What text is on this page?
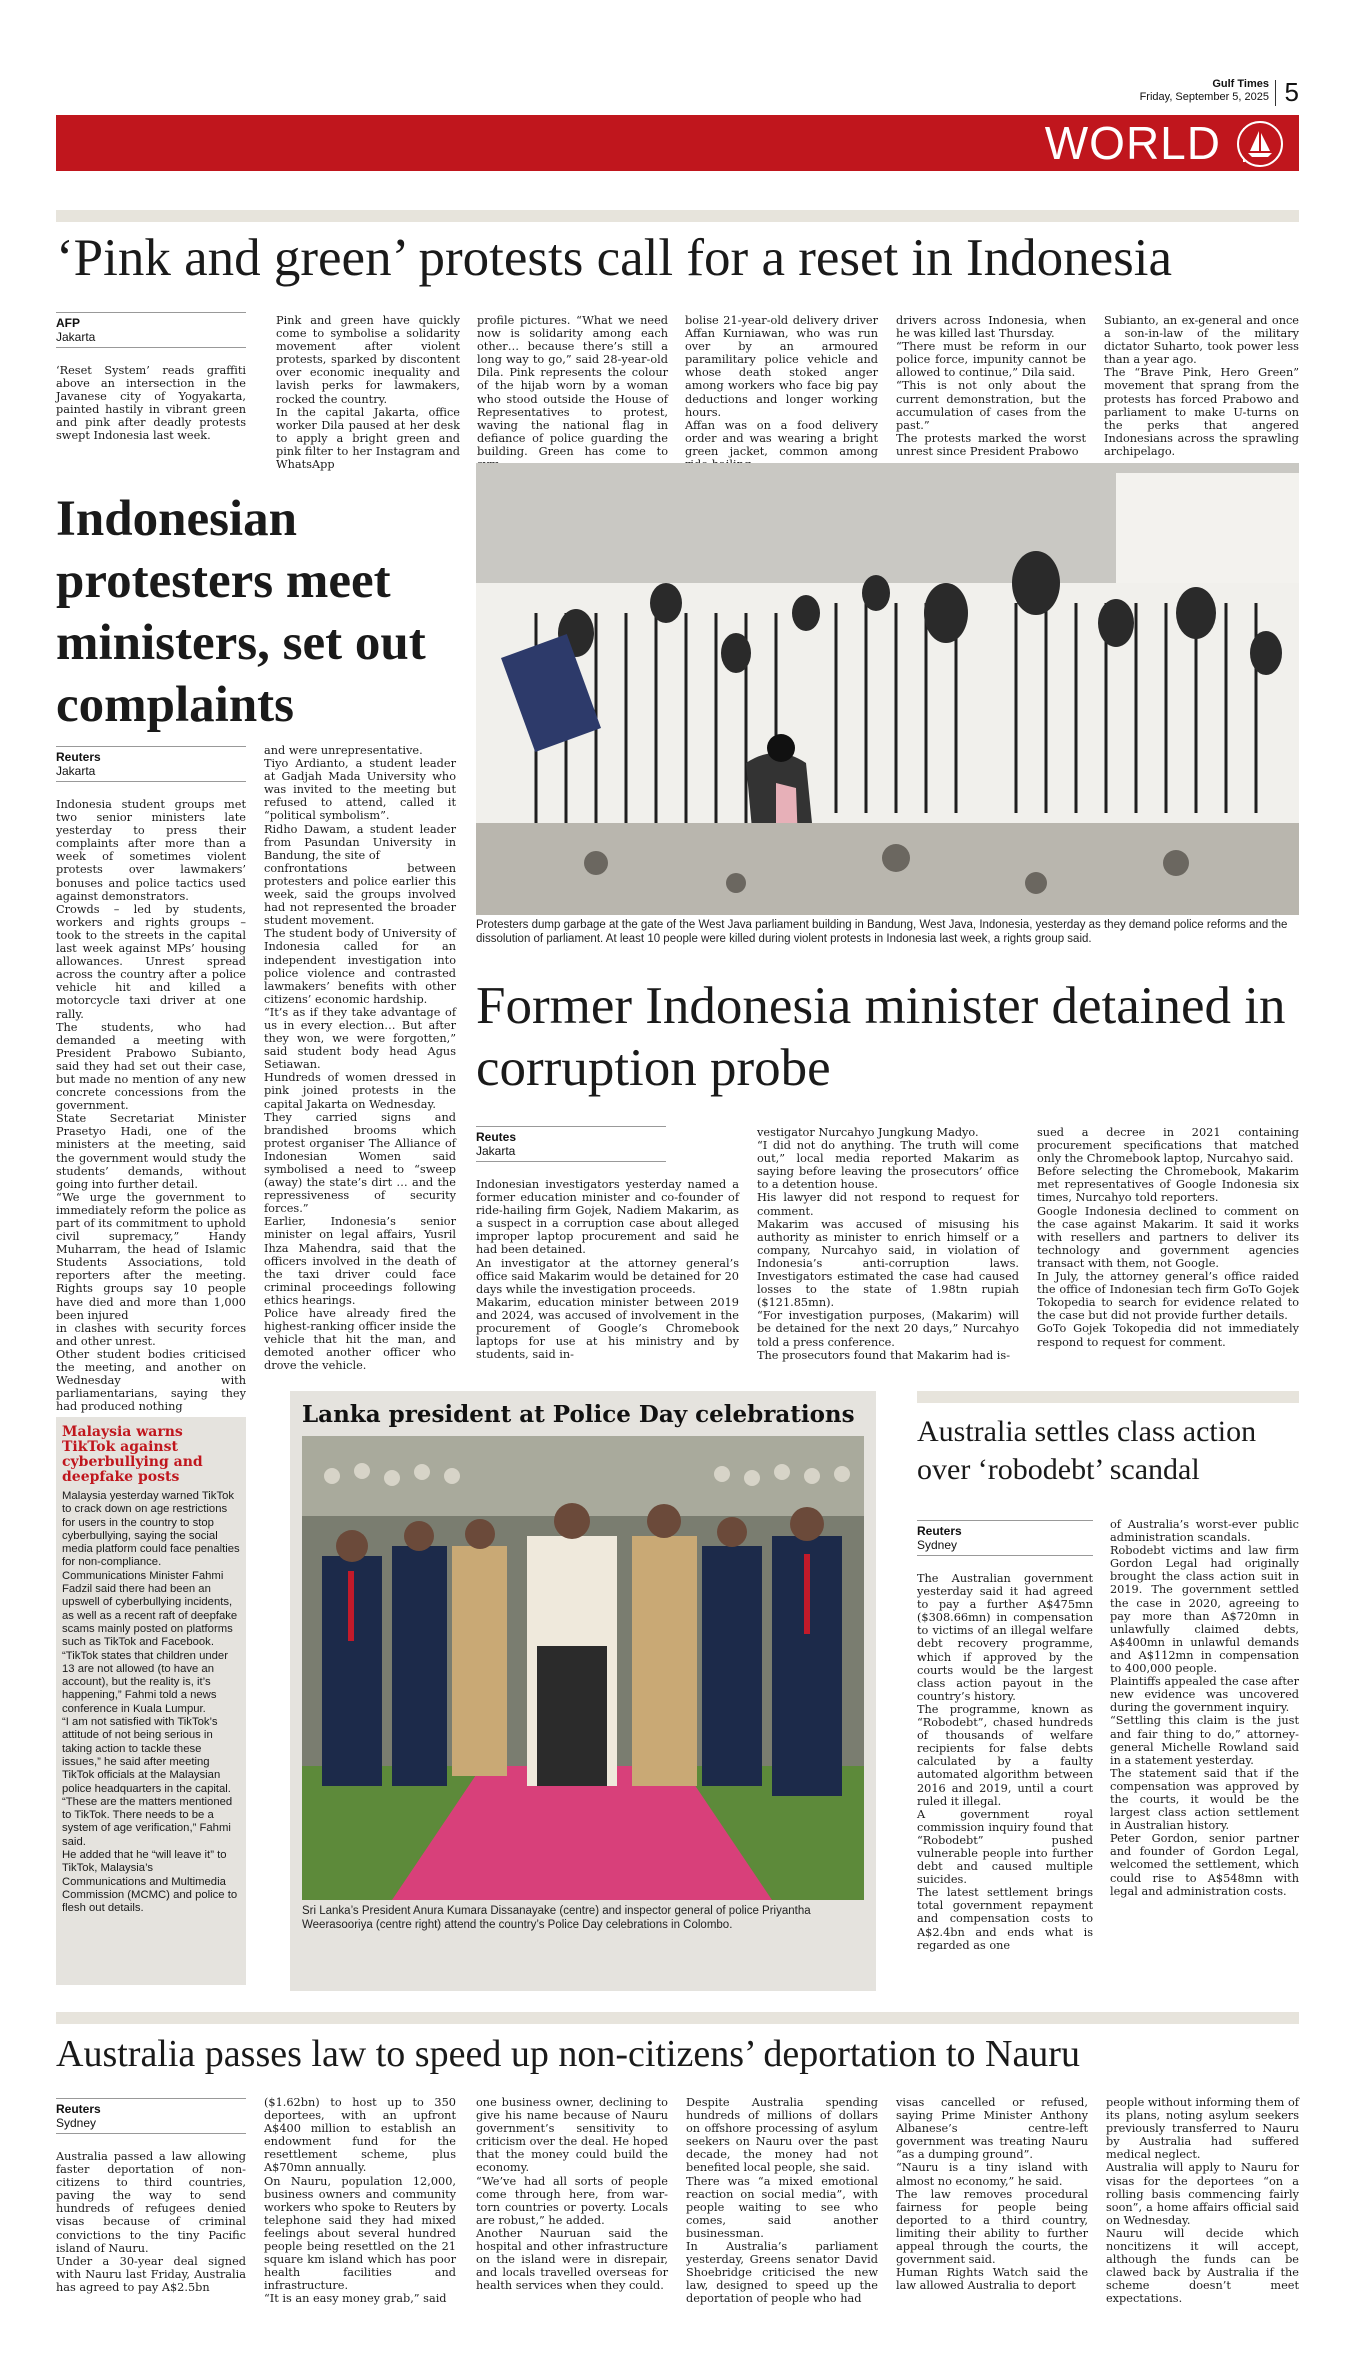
Gulf Times
Friday, September 5, 2025 5
WORLD
‘Pink and green’ protests call for a reset in Indonesia
AFP
Jakarta
‘Reset System’ reads graffiti above an intersection in the Javanese city of Yogyakarta, painted hastily in vibrant green and pink after deadly protests swept Indonesia last week.
Pink and green have quickly come to symbolise a solidarity movement after violent protests, sparked by discontent over economic inequality and lavish perks for lawmakers, rocked the country.
In the capital Jakarta, office worker Dila paused at her desk to apply a bright green and pink filter to her Instagram and WhatsApp
profile pictures. “What we need now is solidarity among each other… because there’s still a long way to go,” said 28-year-old Dila. Pink represents the colour of the hijab worn by a woman who stood outside the House of Representatives to protest, waving the national flag in defiance of police guarding the building. Green has come to
bolise 21-year-old delivery driver Affan Kurniawan, who was run over by an armoured paramilitary police vehicle and whose death stoked anger among workers who face big pay deductions and longer working hours.
Affan was on a food delivery order and was wearing a bright green jacket, common among
drivers across Indonesia, when he was killed last Thursday.
“There must be reform in our police force, impunity cannot be allowed to continue,” Dila said.
“This is not only about the current demonstration, but the accumulation of cases from the past.”
The protests marked the worst unrest since President Prabowo
Subianto, an ex-general and once a son-in-law of the military dictator Suharto, took power less than a year ago.
The “Brave Pink, Hero Green” movement that sprang from the protests has forced Prabowo and parliament to make U-turns on the perks that angered Indonesians across the sprawling archipelago.
Indonesian protesters meet ministers, set out complaints
Reuters
Jakarta
Indonesia student groups met two senior ministers late yesterday to press their complaints after more than a week of sometimes violent protests over lawmakers’ bonuses and police tactics used against demonstrators.
Crowds – led by students, workers and rights groups – took to the streets in the capital last week against MPs’ housing allowances. Unrest spread across the country after a police vehicle hit and killed a motorcycle taxi driver at one rally.
The students, who had demanded a meeting with President Prabowo Subianto, said they had set out their case, but made no mention of any new concrete concessions from the government.
State Secretariat Minister Prasetyo Hadi, one of the ministers at the meeting, said the government would study the students’ demands, without going into further detail.
“We urge the government to immediately reform the police as part of its commitment to uphold civil supremacy,” Handy Muharram, the head of Islamic Students Associations, told reporters after the meeting. Rights groups say 10 people have died and more than 1,000 been injured
in clashes with security forces and other unrest.
Other student bodies criticised the meeting, and another on Wednesday with parliamentarians, saying they had produced nothing
and were unrepresentative.
Tiyo Ardianto, a student leader at Gadjah Mada University who was invited to the meeting but refused to attend, called it “political symbolism”.
Ridho Dawam, a student leader from Pasundan University in Bandung, the site of
confrontations between protesters and police earlier this week, said the groups involved had not represented the broader student movement.
The student body of University of Indonesia called for an independent investigation into police violence and contrasted lawmakers’ benefits with other citizens’ economic hardship.
“It’s as if they take advantage of us in every election… But after they won, we were forgotten,” said student body head Agus Setiawan.
Hundreds of women dressed in pink joined protests in the capital Jakarta on Wednesday.
They carried signs and brandished brooms which protest organiser The Alliance of Indonesian Women said symbolised a need to “sweep (away) the state’s dirt … and the repressiveness of security forces.”
Earlier, Indonesia’s senior minister on legal affairs, Yusril Ihza Mahendra, said that the officers involved in the death of the taxi driver could face criminal proceedings following ethics hearings.
Police have already fired the highest-ranking officer inside the vehicle that hit the man, and demoted another officer who drove the vehicle.
Protesters dump garbage at the gate of the West Java parliament building in Bandung, West Java, Indonesia, yesterday as they demand police reforms and the dissolution of parliament. At least 10 people were killed during violent protests in Indonesia last week, a rights group said.
Former Indonesia minister detained in corruption probe
Reutes
Jakarta
Indonesian investigators yesterday named a former education minister and co-founder of ride-hailing firm Gojek, Nadiem Makarim, as a suspect in a corruption case about alleged improper laptop procurement and said he had been detained.
An investigator at the attorney general’s office said Makarim would be detained for 20 days while the investigation proceeds.
Makarim, education minister between 2019 and 2024, was accused of involvement in the procurement of Google’s Chromebook laptops for use at his ministry and by students, said in-
vestigator Nurcahyo Jungkung Madyo.
“I did not do anything. The truth will come out,” local media reported Makarim as saying before leaving the prosecutors’ office to a detention house.
His lawyer did not respond to request for comment.
Makarim was accused of misusing his authority as minister to enrich himself or a company, Nurcahyo said, in violation of Indonesia’s anti-corruption laws. Investigators estimated the case had caused losses to the state of 1.98tn rupiah ($121.85mn).
“For investigation purposes, (Makarim) will be detained for the next 20 days,” Nurcahyo told a press conference.
The prosecutors found that Makarim had is-
sued a decree in 2021 containing procurement specifications that matched only the Chromebook laptop, Nurcahyo said.
Before selecting the Chromebook, Makarim met representatives of Google Indonesia six times, Nurcahyo told reporters.
Google Indonesia declined to comment on the case against Makarim. It said it works with resellers and partners to deliver its technology and government agencies transact with them, not Google.
In July, the attorney general’s office raided the office of Indonesian tech firm GoTo Gojek Tokopedia to search for evidence related to the case but did not provide further details.
GoTo Gojek Tokopedia did not immediately respond to request for comment.
Malaysia warns TikTok against cyberbullying and deepfake posts
Malaysia yesterday warned TikTok to crack down on age restrictions for users in the country to stop cyberbullying, saying the social media platform could face penalties for non-compliance.
Communications Minister Fahmi Fadzil said there had been an upswell of cyberbullying incidents, as well as a recent raft of deepfake scams mainly posted on platforms such as TikTok and Facebook.
“TikTok states that children under 13 are not allowed (to have an account), but the reality is, it’s happening,” Fahmi told a news conference in Kuala Lumpur.
“I am not satisfied with TikTok’s attitude of not being serious in taking action to tackle these issues,” he said after meeting TikTok officials at the Malaysian police headquarters in the capital.
“These are the matters mentioned to TikTok. There needs to be a system of age verification,” Fahmi said.
He added that he “will leave it” to TikTok, Malaysia’s Communications and Multimedia Commission (MCMC) and police to flesh out details.
Lanka president at Police Day celebrations
Sri Lanka’s President Anura Kumara Dissanayake (centre) and inspector general of police Priyantha Weerasooriya (centre right) attend the country’s Police Day celebrations in Colombo.
Australia settles class action over ‘robodebt’ scandal
Reuters
Sydney
The Australian government yesterday said it had agreed to pay a further A$475mn ($308.66mn) in compensation to victims of an illegal welfare debt recovery programme, which if approved by the courts would be the largest class action payout in the country’s history.
The programme, known as “Robodebt”, chased hundreds of thousands of welfare recipients for false debts calculated by a faulty automated algorithm between 2016 and 2019, until a court ruled it illegal.
A government royal commission inquiry found that “Robodebt” pushed vulnerable people into further debt and caused multiple suicides.
The latest settlement brings total government repayment and compensation costs to A$2.4bn and ends what is regarded as one
of Australia’s worst-ever public administration scandals.
Robodebt victims and law firm Gordon Legal had originally brought the class action suit in 2019. The government settled the case in 2020, agreeing to pay more than A$720mn in unlawfully claimed debts, A$400mn in unlawful demands and A$112mn in compensation to 400,000 people.
Plaintiffs appealed the case after new evidence was uncovered during the government inquiry.
“Settling this claim is the just and fair thing to do,” attorney-general Michelle Rowland said in a statement yesterday.
The statement said that if the compensation was approved by the courts, it would be the largest class action settlement in Australian history.
Peter Gordon, senior partner and founder of Gordon Legal, welcomed the settlement, which could rise to A$548mn with legal and administration costs.
Australia passes law to speed up non-citizens’ deportation to Nauru
Reuters
Sydney
Australia passed a law allowing faster deportation of non-citizens to third countries, paving the way to send hundreds of refugees denied visas because of criminal convictions to the tiny Pacific island of Nauru.
Under a 30-year deal signed with Nauru last Friday, Australia has agreed to pay A$2.5bn
($1.62bn) to host up to 350 deportees, with an upfront A$400 million to establish an endowment fund for the resettlement scheme, plus A$70mn annually.
On Nauru, population 12,000, business owners and community workers who spoke to Reuters by telephone said they had mixed feelings about several hundred people being resettled on the 21 square km island which has poor health facilities and infrastructure.
“It is an easy money grab,” said
one business owner, declining to give his name because of Nauru government’s sensitivity to criticism over the deal. He hoped that the money could build the economy.
“We’ve had all sorts of people come through here, from war-torn countries or poverty. Locals are robust,” he added.
Another Nauruan said the hospital and other infrastructure on the island were in disrepair, and locals travelled overseas for health services when they could.
Despite Australia spending hundreds of millions of dollars on offshore processing of asylum seekers on Nauru over the past decade, the money had not benefited local people, she said.
There was “a mixed emotional reaction on social media”, with people waiting to see who comes, said another businessman.
In Australia’s parliament yesterday, Greens senator David Shoebridge criticised the new law, designed to speed up the deportation of people who had
visas cancelled or refused, saying Prime Minister Anthony Albanese’s centre-left government was treating Nauru “as a dumping ground”.
“Nauru is a tiny island with almost no economy,” he said.
The law removes procedural fairness for people being deported to a third country, limiting their ability to further appeal through the courts, the government said.
Human Rights Watch said the law allowed Australia to deport
people without informing them of its plans, noting asylum seekers previously transferred to Nauru by Australia had suffered medical neglect.
Australia will apply to Nauru for visas for the deportees “on a rolling basis commencing fairly soon”, a home affairs official said on Wednesday.
Nauru will decide which noncitizens it will accept, although the funds can be clawed back by Australia if the scheme doesn’t meet expectations.
